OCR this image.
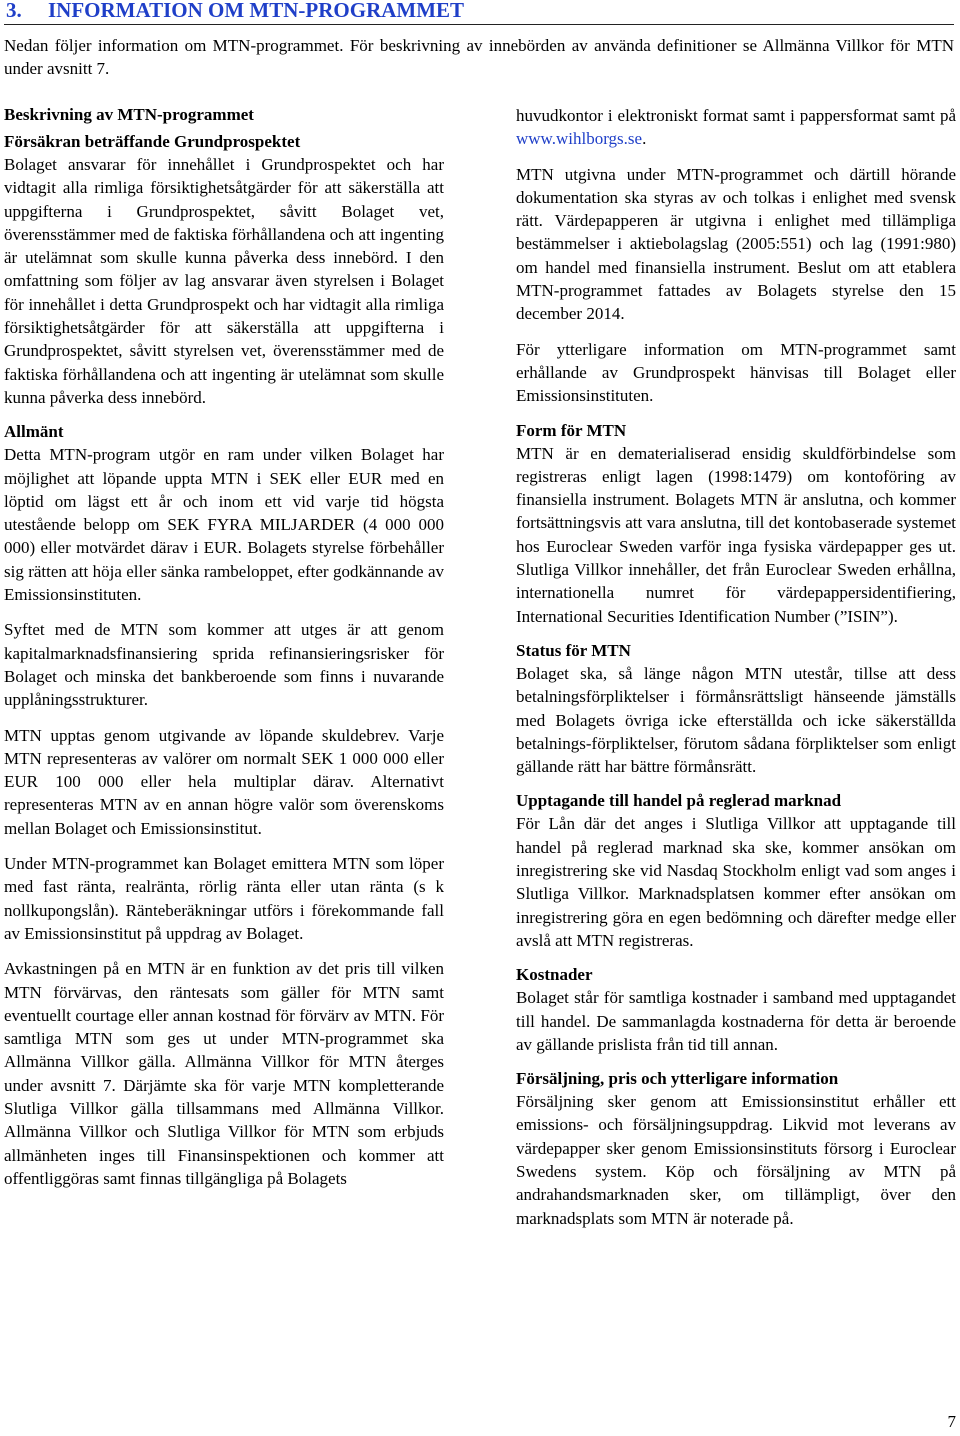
3. INFORMATION OM MTN-PROGRAMMET

Nedan följer information om MTN-programmet. För beskrivning av innebörden av använda definitioner se Allmänna Villkor för MTN under avsnitt 7.

Beskrivning av MTN-programmet
Försäkran beträffande Grundprospektet

Bolaget ansvarar för innehållet i Grundprospektet och har vidtagit alla rimliga försiktighetsåtgärder för att säkerställa att uppgifterna i Grundprospektet, såvitt Bolaget vet, överensstämmer med de faktiska förhållandena och att ingenting är utelämnat som skulle kunna påverka dess innebörd. I den omfattning som följer av lag ansvarar även styrelsen i Bolaget för innehållet i detta Grundprospekt och har vidtagit alla rimliga försiktighetsåtgärder för att säkerställa att uppgifterna i Grundprospektet, såvitt styrelsen vet, överensstämmer med de faktiska förhållandena och att ingenting är utelämnat som skulle kunna påverka dess innebörd.

Allmänt

Detta MTN-program utgör en ram under vilken Bolaget har möjlighet att löpande uppta MTN i SEK eller EUR med en löptid om lägst ett år och inom ett vid varje tid högsta utestående belopp om SEK FYRA MILJARDER (4 000 000 000) eller motvärdet därav i EUR. Bolagets styrelse förbehåller sig rätten att höja eller sänka rambeloppet, efter godkännande av Emissionsinstituten.

Syftet med de MTN som kommer att utges är att genom kapitalmarknadsfinansiering sprida refinansieringsrisker för Bolaget och minska det bankberoende som finns i nuvarande upplåningsstrukturer.

MTN upptas genom utgivande av löpande skuldebrev. Varje MTN representeras av valörer om normalt SEK 1 000 000 eller EUR 100 000 eller hela multiplar därav. Alternativt representeras MTN av en annan högre valör som överenskoms mellan Bolaget och Emissionsinstitut.

Under MTN-programmet kan Bolaget emittera MTN som löper med fast ränta, realränta, rörlig ränta eller utan ränta (s k nollkupongslån). Ränteberäkningar utförs i förekommande fall av Emissionsinstitut på uppdrag av Bolaget.

Avkastningen på en MTN är en funktion av det pris till vilken MTN förvärvas, den räntesats som gäller för MTN samt eventuellt courtage eller annan kostnad för förvärv av MTN. För samtliga MTN som ges ut under MTN-programmet ska Allmänna Villkor gälla. Allmänna Villkor för MTN återges under avsnitt 7. Därjämte ska för varje MTN kompletterande Slutliga Villkor gälla tillsammans med Allmänna Villkor. Allmänna Villkor och Slutliga Villkor för MTN som erbjuds allmänheten inges till Finansinspektionen och kommer att offentliggöras samt finnas tillgängliga på Bolagets

huvudkontor i elektroniskt format samt i pappersformat samt på www.wihlborgs.se.

MTN utgivna under MTN-programmet och därtill hörande dokumentation ska styras av och tolkas i enlighet med svensk rätt. Värdepapperen är utgivna i enlighet med tillämpliga bestämmelser i aktiebolagslag (2005:551) och lag (1991:980) om handel med finansiella instrument. Beslut om att etablera MTN-programmet fattades av Bolagets styrelse den 15 december 2014.

För ytterligare information om MTN-programmet samt erhållande av Grundprospekt hänvisas till Bolaget eller Emissionsinstituten.

Form för MTN

MTN är en dematerialiserad ensidig skuldförbindelse som registreras enligt lagen (1998:1479) om kontoföring av finansiella instrument. Bolagets MTN är anslutna, och kommer fortsättningsvis att vara anslutna, till det kontobaserade systemet hos Euroclear Sweden varför inga fysiska värdepapper ges ut. Slutliga Villkor innehåller, det från Euroclear Sweden erhållna, internationella numret för värdepappersidentifiering, International Securities Identification Number (”ISIN”).

Status för MTN

Bolaget ska, så länge någon MTN utestår, tillse att dess betalningsförpliktelser i förmånsrättsligt hänseende jämställs med Bolagets övriga icke efterställda och icke säkerställda betalnings-förpliktelser, förutom sådana förpliktelser som enligt gällande rätt har bättre förmånsrätt.

Upptagande till handel på reglerad marknad

För Lån där det anges i Slutliga Villkor att upptagande till handel på reglerad marknad ska ske, kommer ansökan om inregistrering ske vid Nasdaq Stockholm enligt vad som anges i Slutliga Villkor. Marknadsplatsen kommer efter ansökan om inregistrering göra en egen bedömning och därefter medge eller avslå att MTN registreras.

Kostnader

Bolaget står för samtliga kostnader i samband med upptagandet till handel. De sammanlagda kostnaderna för detta är beroende av gällande prislista från tid till annan.

Försäljning, pris och ytterligare information

Försäljning sker genom att Emissionsinstitut erhåller ett emissions- och försäljningsuppdrag. Likvid mot leverans av värdepapper sker genom Emissionsinstituts försorg i Euroclear Swedens system. Köp och försäljning av MTN på andrahandsmarknaden sker, om tillämpligt, över den marknadsplats som MTN är noterade på.

7
